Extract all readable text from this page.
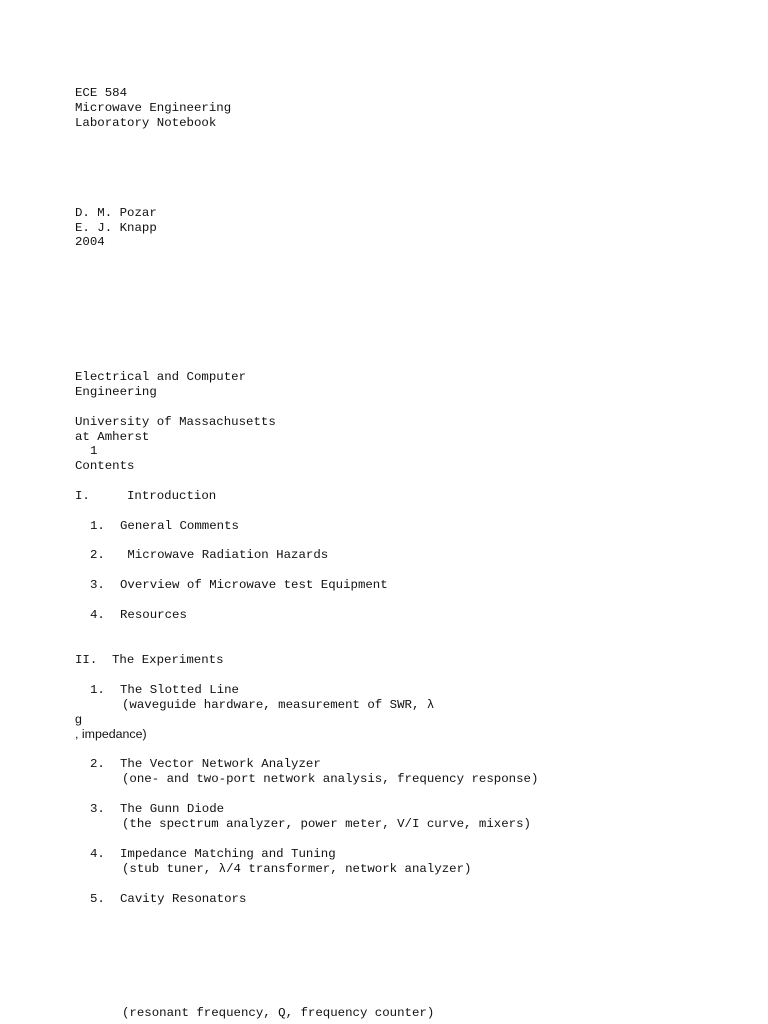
ECE 584
Microwave Engineering
Laboratory Notebook
D. M. Pozar
E. J. Knapp
2004
Electrical and Computer
Engineering
University of Massachusetts
at Amherst
1
Contents
I.	Introduction
1. General Comments
2. Microwave Radiation Hazards
3. Overview of Microwave test Equipment
4. Resources
II. The Experiments
1. The Slotted Line
(waveguide hardware, measurement of SWR, λ
g
, impedance)
2. The Vector Network Analyzer
(one- and two-port network analysis, frequency response)
3. The Gunn Diode
(the spectrum analyzer, power meter, V/I curve, mixers)
4. Impedance Matching and Tuning
(stub tuner, λ/4 transformer, network analyzer)
5. Cavity Resonators
(resonant frequency, Q, frequency counter)
